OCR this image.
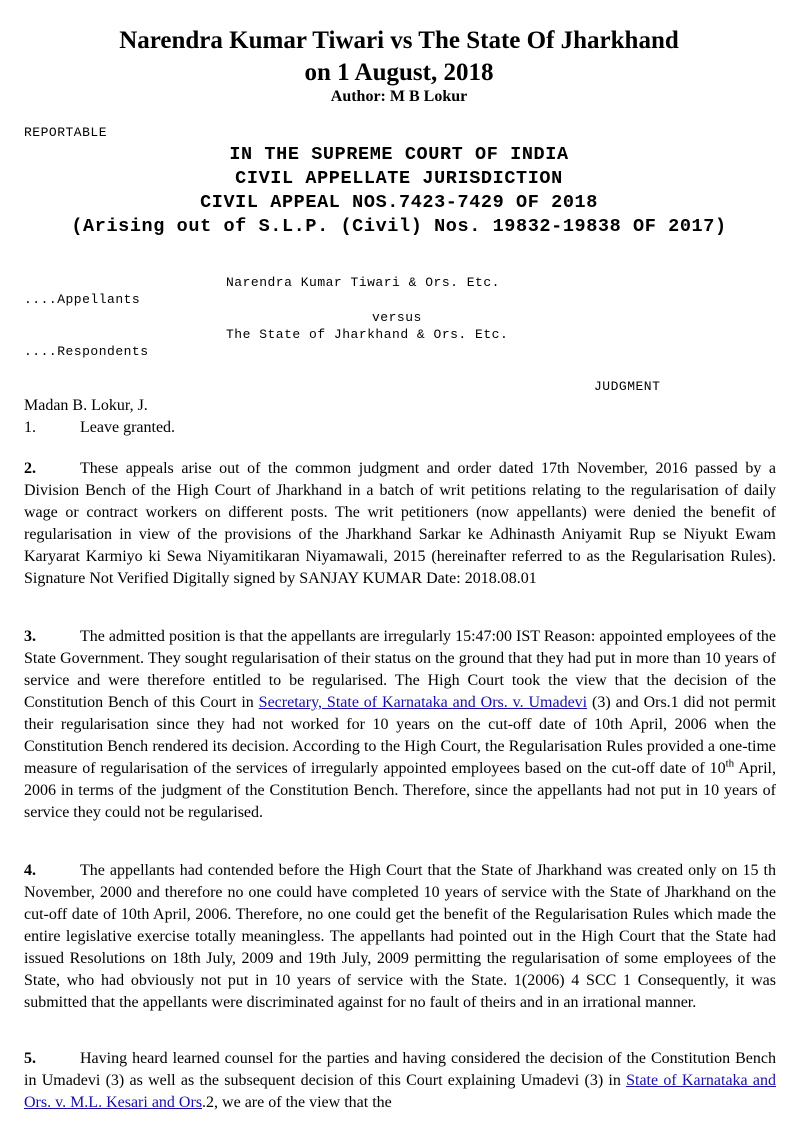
Narendra Kumar Tiwari vs The State Of Jharkhand
on 1 August, 2018
Author: M B Lokur
REPORTABLE
IN THE SUPREME COURT OF INDIA
CIVIL APPELLATE JURISDICTION
CIVIL APPEAL NOS.7423-7429 OF 2018
(Arising out of S.L.P. (Civil) Nos. 19832-19838 OF 2017)
Narendra Kumar Tiwari & Ors. Etc.
....Appellants
versus
The State of Jharkhand & Ors. Etc.
....Respondents
JUDGMENT
Madan B. Lokur, J.
1.	Leave granted.
2.	These appeals arise out of the common judgment and order dated 17th November, 2016 passed by a Division Bench of the High Court of Jharkhand in a batch of writ petitions relating to the regularisation of daily wage or contract workers on different posts. The writ petitioners (now appellants) were denied the benefit of regularisation in view of the provisions of the Jharkhand Sarkar ke Adhinasth Aniyamit Rup se Niyukt Ewam Karyarat Karmiyo ki Sewa Niyamitikaran Niyamawali, 2015 (hereinafter referred to as the Regularisation Rules). Signature Not Verified Digitally signed by SANJAY KUMAR Date: 2018.08.01
3.	The admitted position is that the appellants are irregularly 15:47:00 IST Reason: appointed employees of the State Government. They sought regularisation of their status on the ground that they had put in more than 10 years of service and were therefore entitled to be regularised. The High Court took the view that the decision of the Constitution Bench of this Court in Secretary, State of Karnataka and Ors. v. Umadevi (3) and Ors.1 did not permit their regularisation since they had not worked for 10 years on the cut-off date of 10th April, 2006 when the Constitution Bench rendered its decision. According to the High Court, the Regularisation Rules provided a one-time measure of regularisation of the services of irregularly appointed employees based on the cut-off date of 10th April, 2006 in terms of the judgment of the Constitution Bench. Therefore, since the appellants had not put in 10 years of service they could not be regularised.
4.	The appellants had contended before the High Court that the State of Jharkhand was created only on 15 th November, 2000 and therefore no one could have completed 10 years of service with the State of Jharkhand on the cut-off date of 10th April, 2006. Therefore, no one could get the benefit of the Regularisation Rules which made the entire legislative exercise totally meaningless. The appellants had pointed out in the High Court that the State had issued Resolutions on 18th July, 2009 and 19th July, 2009 permitting the regularisation of some employees of the State, who had obviously not put in 10 years of service with the State. 1(2006) 4 SCC 1 Consequently, it was submitted that the appellants were discriminated against for no fault of theirs and in an irrational manner.
5.	Having heard learned counsel for the parties and having considered the decision of the Constitution Bench in Umadevi (3) as well as the subsequent decision of this Court explaining Umadevi (3) in State of Karnataka and Ors. v. M.L. Kesari and Ors.2, we are of the view that the
